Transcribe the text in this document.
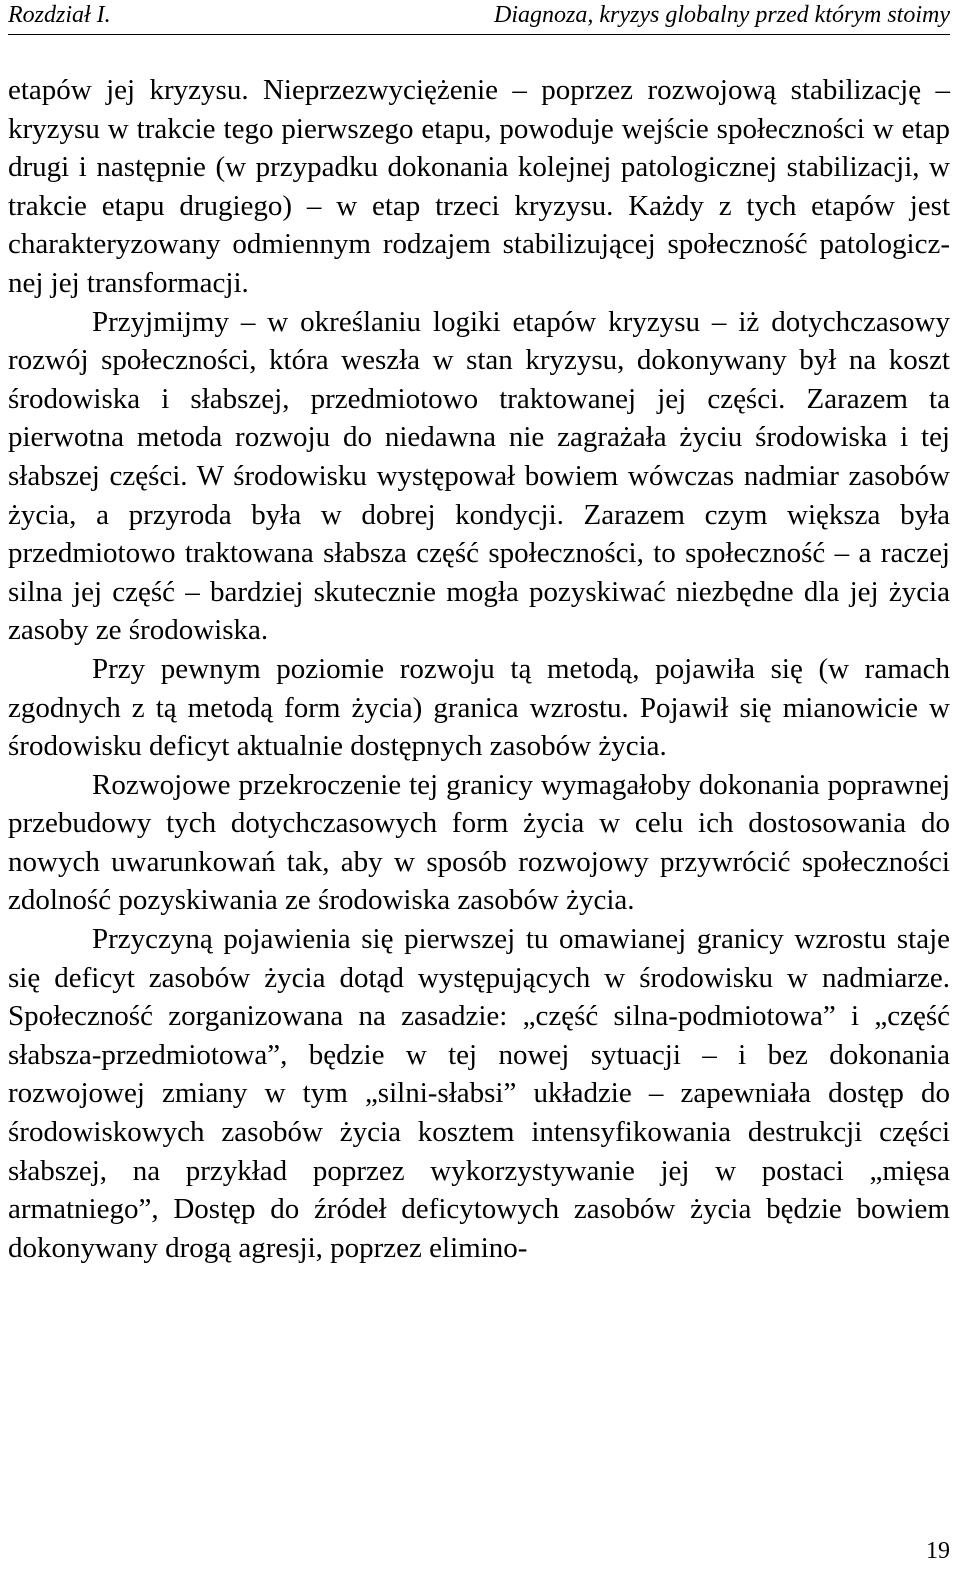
Rozdział I.	Diagnoza, kryzys globalny przed którym stoimy

etapów jej kryzysu. Nieprzezwyciężenie – poprzez rozwojową stabilizację – kryzysu w trakcie tego pierwszego etapu, powoduje wejście społeczności w etap drugi i następnie (w przypadku dokonania kolejnej patologicznej stabilizacji, w trakcie etapu drugiego) – w etap trzeci kryzysu. Każdy z tych etapów jest charakteryzowany odmiennym rodzajem stabilizującej społeczność patologicznej jej transformacji.

Przyjmijmy – w określaniu logiki etapów kryzysu – iż dotychczasowy rozwój społeczności, która weszła w stan kryzysu, dokonywany był na koszt środowiska i słabszej, przedmiotowo traktowanej jej części. Zarazem ta pierwotna metoda rozwoju do niedawna nie zagrażała życiu środowiska i tej słabszej części. W środowisku występował bowiem wówczas nadmiar zasobów życia, a przyroda była w dobrej kondycji. Zarazem czym większa była przedmiotowo traktowana słabsza część społeczności, to społeczność – a raczej silna jej część – bardziej skutecznie mogła pozyskiwać niezbędne dla jej życia zasoby ze środowiska.

Przy pewnym poziomie rozwoju tą metodą, pojawiła się (w ramach zgodnych z tą metodą form życia) granica wzrostu. Pojawił się mianowicie w środowisku deficyt aktualnie dostępnych zasobów życia.

Rozwojowe przekroczenie tej granicy wymagałoby dokonania poprawnej przebudowy tych dotychczasowych form życia w celu ich dostosowania do nowych uwarunkowań tak, aby w sposób rozwojowy przywrócić społeczności zdolność pozyskiwania ze środowiska zasobów życia.

Przyczyną pojawienia się pierwszej tu omawianej granicy wzrostu staje się deficyt zasobów życia dotąd występujących w środowisku w nadmiarze. Społeczność zorganizowana na zasadzie: „część silna-podmiotowa” i „część słabsza-przedmiotowa”, będzie w tej nowej sytuacji – i bez dokonania rozwojowej zmiany w tym „silni-słabsi” układzie – zapewniała dostęp do środowiskowych zasobów życia kosztem intensyfikowania destrukcji części słabszej, na przykład poprzez wykorzystywanie jej w postaci „mięsa armatniego”, Dostęp do źródeł deficytowych zasobów życia będzie bowiem dokonywany drogą agresji, poprzez elimino-

19
